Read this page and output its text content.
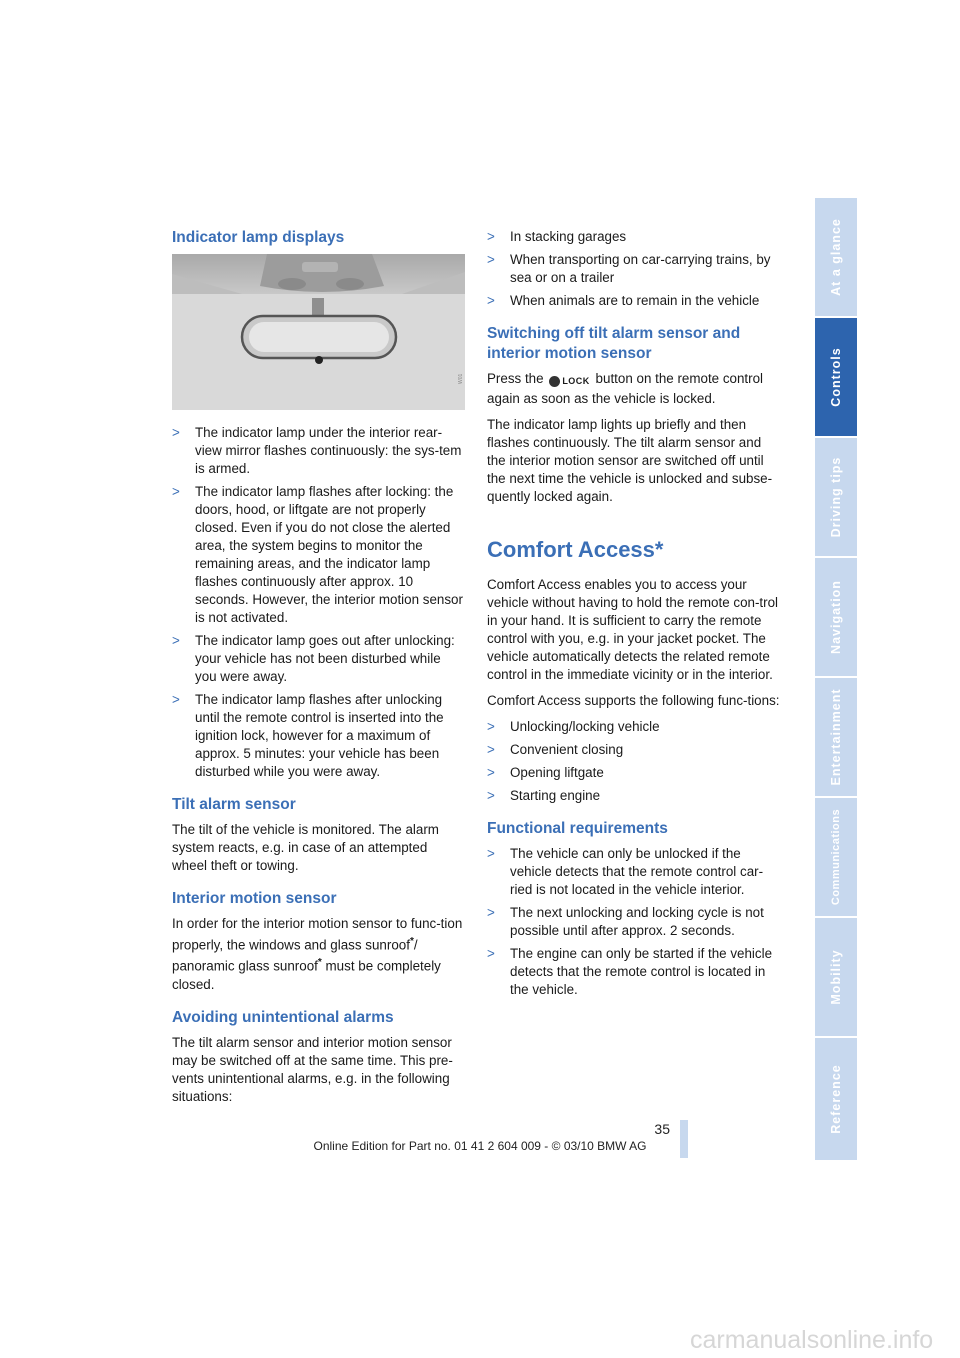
Indicator lamp displays
W01
> The indicator lamp under the interior rear-view mirror flashes continuously: the sys-tem is armed.
> The indicator lamp flashes after locking: the doors, hood, or liftgate are not properly closed. Even if you do not close the alerted area, the system begins to monitor the remaining areas, and the indicator lamp flashes continuously after approx. 10 seconds. However, the interior motion sensor is not activated.
> The indicator lamp goes out after unlocking: your vehicle has not been disturbed while you were away.
> The indicator lamp flashes after unlocking until the remote control is inserted into the ignition lock, however for a maximum of approx. 5 minutes: your vehicle has been disturbed while you were away.
Tilt alarm sensor

The tilt of the vehicle is monitored. The alarm system reacts, e.g. in case of an attempted wheel theft or towing.

Interior motion sensor

In order for the interior motion sensor to func-tion properly, the windows and glass sunroof*/ panoramic glass sunroof* must be completely closed.

Avoiding unintentional alarms

The tilt alarm sensor and interior motion sensor may be switched off at the same time. This pre-vents unintentional alarms, e.g. in the following situations:

> In stacking garages
> When transporting on car-carrying trains, by sea or on a trailer
> When animals are to remain in the vehicle
Switching off tilt alarm sensor and interior motion sensor

Press the LOCK button on the remote control again as soon as the vehicle is locked.

The indicator lamp lights up briefly and then flashes continuously. The tilt alarm sensor and the interior motion sensor are switched off until the next time the vehicle is unlocked and subse-quently locked again.

Comfort Access*

Comfort Access enables you to access your vehicle without having to hold the remote con-trol in your hand. It is sufficient to carry the remote control with you, e.g. in your jacket pocket. The vehicle automatically detects the related remote control in the immediate vicinity or in the interior.

Comfort Access supports the following func-tions:

> Unlocking/locking vehicle
> Convenient closing
> Opening liftgate
> Starting engine
Functional requirements
> The vehicle can only be unlocked if the vehicle detects that the remote control car-ried is not located in the vehicle interior.
> The next unlocking and locking cycle is not possible until after approx. 2 seconds.
> The engine can only be started if the vehicle detects that the remote control is located in the vehicle.
At a glance
Controls
Driving tips
Navigation
Entertainment
Communications
Mobility
Reference
35
Online Edition for Part no. 01 41 2 604 009 - © 03/10 BMW AG
carmanualsonline.info
